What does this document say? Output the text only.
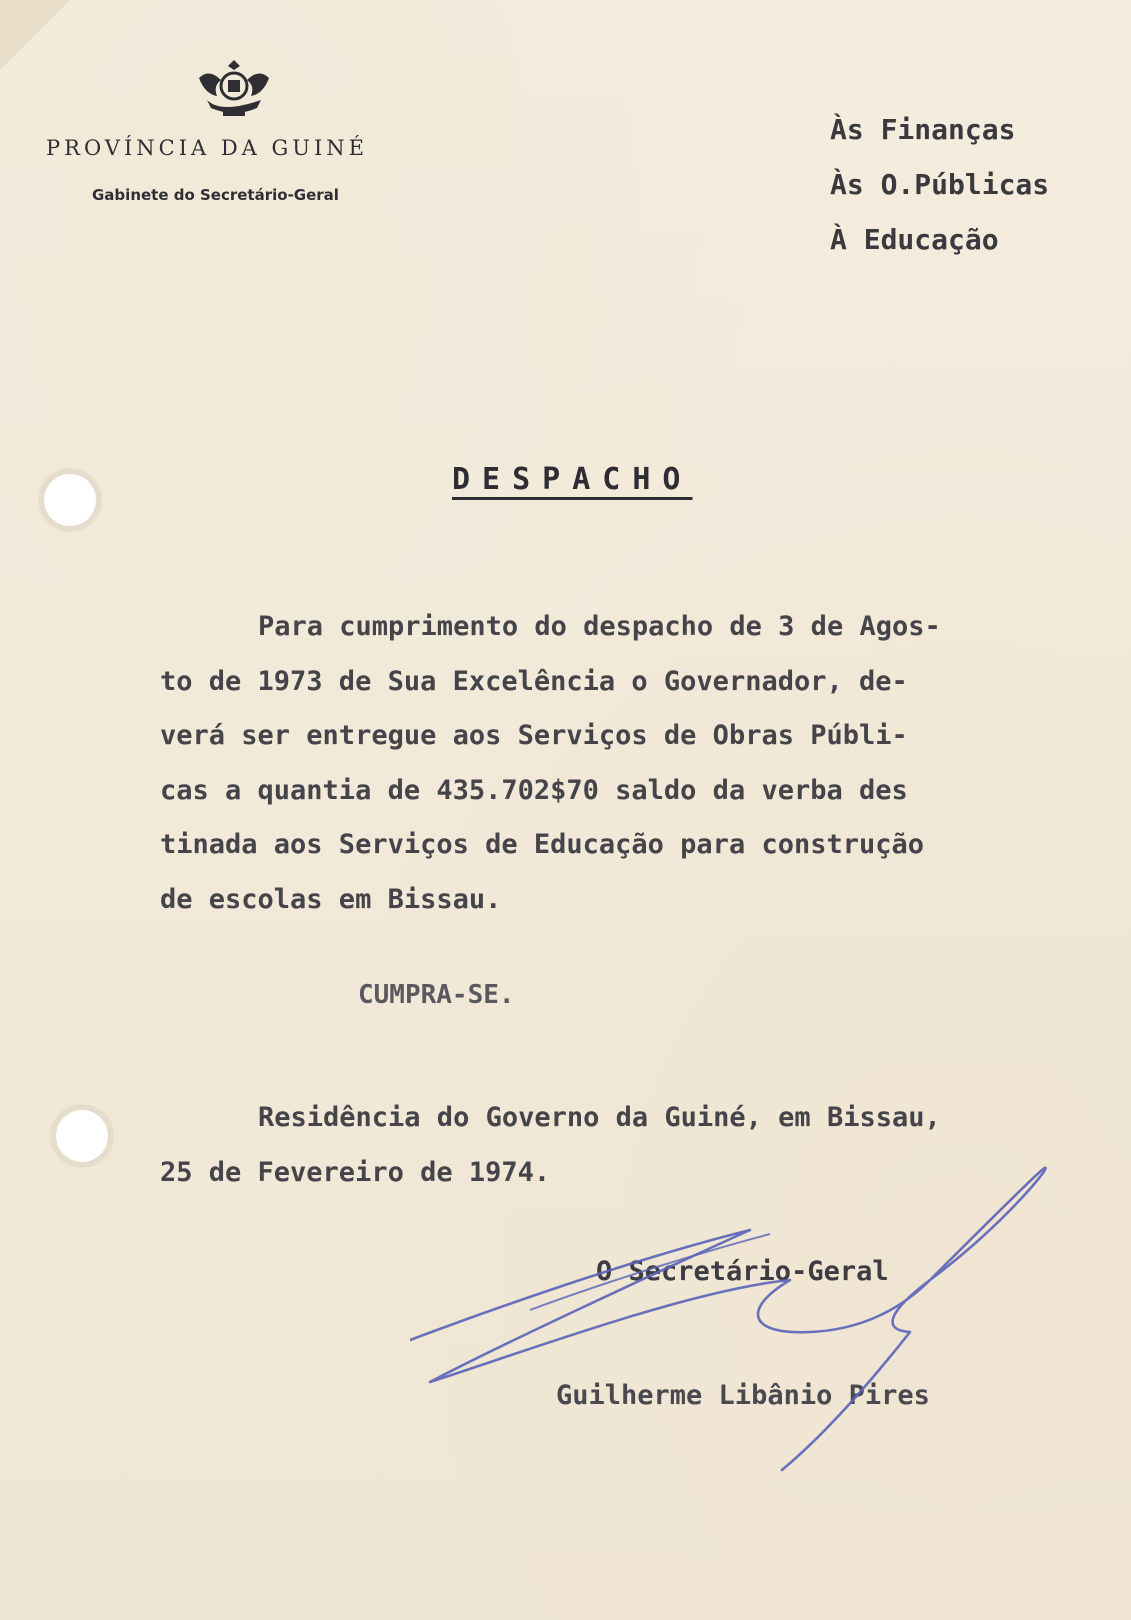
PROVÍNCIA DA GUINÉ
Gabinete do Secretário-Geral
Às Finanças
Às O.Públicas
À Educação
DESPACHO
Para cumprimento do despacho de 3 de Agos-
to de 1973 de Sua Excelência o Governador, de-
verá ser entregue aos Serviços de Obras Públi-
cas a quantia de 435.702$70 saldo da verba des
tinada aos Serviços de Educação para construção
de escolas em Bissau.
CUMPRA-SE.
Residência do Governo da Guiné, em Bissau,
25 de Fevereiro de 1974.
O Secretário-Geral
Guilherme Libânio Pires
